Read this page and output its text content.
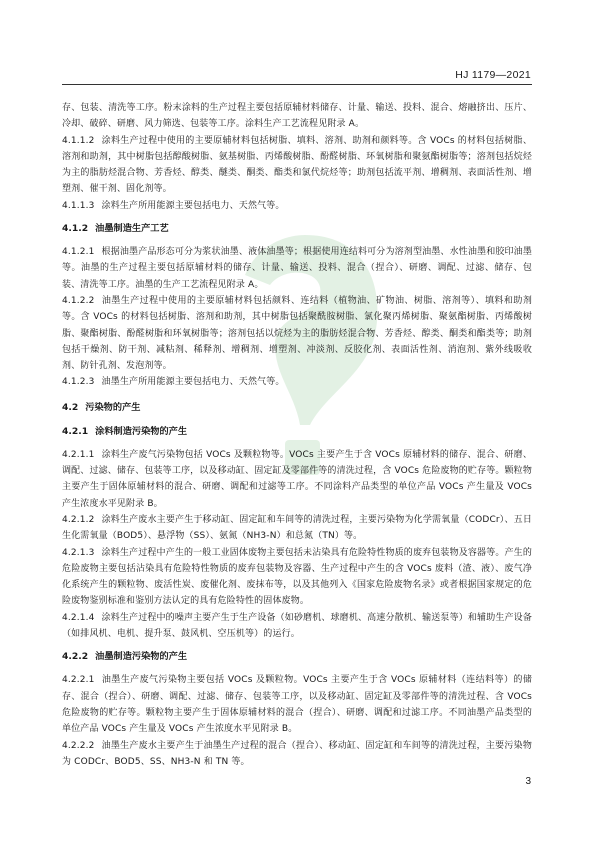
HJ 1179—2021

存、包装、清洗等工序。粉末涂料的生产过程主要包括原辅材料储存、计量、输送、投料、混合、熔融挤出、压片、冷却、破碎、研磨、风力筛选、包装等工序。涂料生产工艺流程见附录 A。

4.1.1.2 涂料生产过程中使用的主要原辅材料包括树脂、填料、溶剂、助剂和颜料等。含 VOCs 的材料包括树脂、溶剂和助剂，其中树脂包括醇酸树脂、氨基树脂、丙烯酸树脂、酚醛树脂、环氧树脂和聚氨酯树脂等；溶剂包括烷烃为主的脂肪烃混合物、芳香烃、醇类、醚类、酮类、酯类和氯代烷烃等；助剂包括流平剂、增稠剂、表面活性剂、增塑剂、催干剂、固化剂等。

4.1.1.3 涂料生产所用能源主要包括电力、天然气等。

4.1.2 油墨制造生产工艺

4.1.2.1 根据油墨产品形态可分为浆状油墨、液体油墨等；根据使用连结料可分为溶剂型油墨、水性油墨和胶印油墨等。油墨的生产过程主要包括原辅材料的储存、计量、输送、投料、混合（捏合）、研磨、调配、过滤、储存、包装、清洗等工序。油墨的生产工艺流程见附录 A。

4.1.2.2 油墨生产过程中使用的主要原辅材料包括颜料、连结料（植物油、矿物油、树脂、溶剂等）、填料和助剂等。含 VOCs 的材料包括树脂、溶剂和助剂，其中树脂包括聚酰胺树脂、氯化聚丙烯树脂、聚氨酯树脂、丙烯酸树脂、聚酯树脂、酚醛树脂和环氧树脂等；溶剂包括以烷烃为主的脂肪烃混合物、芳香烃、醇类、酮类和酯类等；助剂包括干燥剂、防干剂、减粘剂、稀释剂、增稠剂、增塑剂、冲淡剂、反胶化剂、表面活性剂、消泡剂、紫外线吸收剂、防针孔剂、发泡剂等。

4.1.2.3 油墨生产所用能源主要包括电力、天然气等。

4.2 污染物的产生

4.2.1 涂料制造污染物的产生

4.2.1.1 涂料生产废气污染物包括 VOCs 及颗粒物等。VOCs 主要产生于含 VOCs 原辅材料的储存、混合、研磨、调配、过滤、储存、包装等工序，以及移动缸、固定缸及零部件等的清洗过程，含 VOCs 危险废物的贮存等。颗粒物主要产生于固体原辅材料的混合、研磨、调配和过滤等工序。不同涂料产品类型的单位产品 VOCs 产生量及 VOCs 产生浓度水平见附录 B。

4.2.1.2 涂料生产废水主要产生于移动缸、固定缸和车间等的清洗过程，主要污染物为化学需氧量（CODCr）、五日生化需氧量（BOD5）、悬浮物（SS）、氨氮（NH3-N）和总氮（TN）等。

4.2.1.3 涂料生产过程中产生的一般工业固体废物主要包括未沾染具有危险特性物质的废弃包装物及容器等。产生的危险废物主要包括沾染具有危险特性物质的废弃包装物及容器、生产过程中产生的含 VOCs 废料（渣、液）、废气净化系统产生的颗粒物、废活性炭、废催化剂、废抹布等，以及其他列入《国家危险废物名录》或者根据国家规定的危险废物鉴别标准和鉴别方法认定的具有危险特性的固体废物。

4.2.1.4 涂料生产过程中的噪声主要产生于生产设备（如砂磨机、球磨机、高速分散机、输送泵等）和辅助生产设备（如排风机、电机、提升泵、鼓风机、空压机等）的运行。

4.2.2 油墨制造污染物的产生

4.2.2.1 油墨生产废气污染物主要包括 VOCs 及颗粒物。VOCs 主要产生于含 VOCs 原辅材料（连结料等）的储存、混合（捏合）、研磨、调配、过滤、储存、包装等工序，以及移动缸、固定缸及零部件等的清洗过程、含 VOCs 危险废物的贮存等。颗粒物主要产生于固体原辅材料的混合（捏合）、研磨、调配和过滤工序。不同油墨产品类型的单位产品 VOCs 产生量及 VOCs 产生浓度水平见附录 B。

4.2.2.2 油墨生产废水主要产生于油墨生产过程的混合（捏合）、移动缸、固定缸和车间等的清洗过程，主要污染物为 CODCr、BOD5、SS、NH3-N 和 TN 等。

3
